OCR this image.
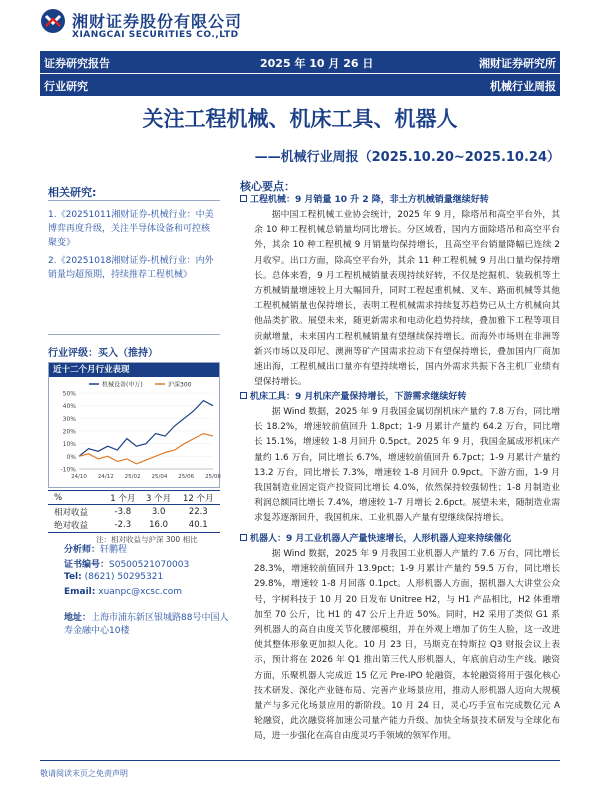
湘财证券股份有限公司
XIANGCAI SECURITIES CO.,LTD
证券研究报告	2025 年 10 月 26 日	湘财证券研究所
行业研究	机械行业周报
关注工程机械、机床工具、机器人
——机械行业周报（2025.10.20~2025.10.24）
相关研究:
1.《20251011湘财证券-机械行业：中美博弈再度升级，关注半导体设备和可控核聚变》
2.《20251018湘财证券-机械行业：内外销量均超预期，持续推荐工程机械》
行业评级：买入（推持）
近十二个月行业表现
50%
40%
30%
20%
10%
0%
-10%
24/10 24/12 25/02 25/04 25/06 25/08
机械设备(申万)	沪深300
%	1 个月	3 个月	12 个月
相对收益	-3.8	3.0	22.3
绝对收益	-2.3	16.0	40.1
注：相对收益与沪深 300 相比
分析师：轩鹏程
证书编号：S0500521070003
Tel: (8621) 50295321
Email: xuanpc@xcsc.com
地址：上海市浦东新区银城路88号中国人寿金融中心10楼
核心要点：
工程机械：9 月销量 10 升 2 降，非土方机械销量继续好转
据中国工程机械工业协会统计，2025 年 9 月，除塔吊和高空平台外，其余 10 种工程机械总销量均同比增长。分区域看，国内方面除塔吊和高空平台外，其余 10 种工程机械 9 月销量均保持增长，且高空平台销量降幅已连续 2 月收窄。出口方面，除高空平台外，其余 11 种工程机械 9 月出口量均保持增长。总体来看，9 月工程机械销量表现持续好转，不仅是挖掘机、装载机等土方机械销量增速较上月大幅回升，同时工程起重机械、叉车、路面机械等其他工程机械销量也保持增长，表明工程机械需求持续复苏趋势已从土方机械向其他品类扩散。展望未来，随更新需求和电动化趋势持续，叠加雅下工程等项目贡献增量，未来国内工程机械销量有望继续保持增长。而海外市场则在非洲等新兴市场以及印尼、澳洲等矿产国需求拉动下有望保持增长，叠加国内厂商加速出海，工程机械出口量亦有望持续增长，国内外需求共振下各主机厂业绩有望保持增长。
机床工具：9 月机床产量保持增长，下游需求继续好转
据 Wind 数据，2025 年 9 月我国金属切削机床产量约 7.8 万台，同比增长 18.2%，增速较前值回升 1.8pct；1-9 月累计产量约 64.2 万台，同比增长 15.1%，增速较 1-8 月回升 0.5pct。2025 年 9 月，我国金属成形机床产量约 1.6 万台，同比增长 6.7%，增速较前值回升 6.7pct；1-9 月累计产量约 13.2 万台，同比增长 7.3%，增速较 1-8 月回升 0.9pct。下游方面，1-9 月我国制造业固定资产投资同比增长 4.0%，依然保持较强韧性；1-8 月制造业利润总额同比增长 7.4%，增速较 1-7 月增长 2.6pct。展望未来，随制造业需求复苏逐渐回升，我国机床、工业机器人产量有望继续保持增长。
机器人：9 月工业机器人产量快速增长，人形机器人迎来持续催化
据 Wind 数据，2025 年 9 月我国工业机器人产量约 7.6 万台，同比增长 28.3%，增速较前值回升 13.9pct；1-9 月累计产量约 59.5 万台，同比增长 29.8%，增速较 1-8 月回落 0.1pct。人形机器人方面，据机器人大讲堂公众号，宇树科技于 10 月 20 日发布 Unitree H2，与 H1 产品相比，H2 体重增加至 70 公斤，比 H1 的 47 公斤上升近 50%。同时，H2 采用了类似 G1 系列机器人的高自由度关节化腰部模组，并在外观上增加了仿生人脸，这一改进使其整体形象更加拟人化。10 月 23 日，马斯克在特斯拉 Q3 财报会议上表示，预计将在 2026 年 Q1 推出第三代人形机器人，年底前启动生产线。融资方面，乐聚机器人完成近 15 亿元 Pre-IPO 轮融资，本轮融资将用于强化核心技术研发、深化产业链布局、完善产业场景应用，推动人形机器人迈向大规模量产与多元化场景应用的新阶段。10 月 24 日，灵心巧手宣布完成数亿元 A 轮融资，此次融资将加速公司量产能力升级、加快全场景技术研发与全球化布局，进一步强化在高自由度灵巧手领域的领军作用。
敬请阅读末页之免责声明
